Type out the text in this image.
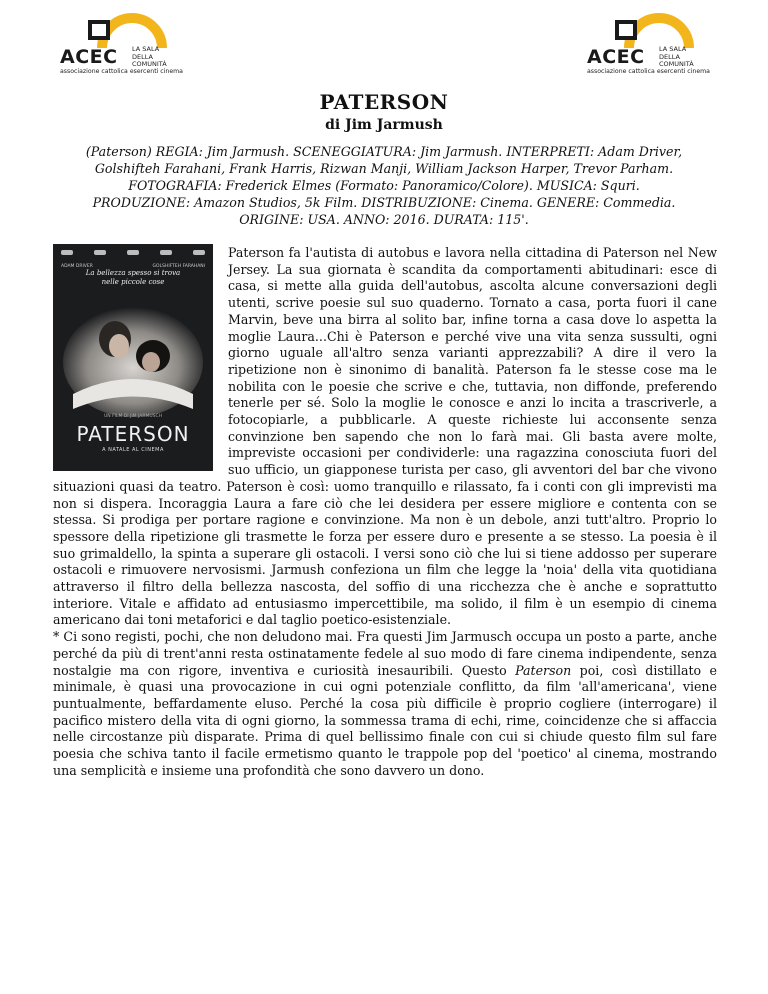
ACEC LA SALA
DELLA
COMUNITÀ
associazione cattolica esercenti cinema
ACEC LA SALA
DELLA
COMUNITÀ
associazione cattolica esercenti cinema
PATERSON
di Jim Jarmush
(Paterson) REGIA: Jim Jarmush. SCENEGGIATURA: Jim Jarmush. INTERPRETI: Adam Driver,
Golshifteh Farahani, Frank Harris, Rizwan Manji, William Jackson Harper, Trevor Parham.
FOTOGRAFIA: Frederick Elmes (Formato: Panoramico/Colore). MUSICA: Squri.
PRODUZIONE: Amazon Studios, 5k Film. DISTRIBUZIONE: Cinema. GENERE: Commedia.
ORIGINE: USA. ANNO: 2016. DURATA: 115'.
ADAM DRIVER	GOLSHIFTEH FARAHANI
La bellezza spesso si trova
nelle piccole cose
UN FILM DI JIM JARMUSCH
PATERSON
A NATALE AL CINEMA

Paterson fa l'autista di autobus e lavora nella cittadina di Paterson nel New Jersey. La sua giornata è scandita da comportamenti abitudinari: esce di casa, si mette alla guida dell'autobus, ascolta alcune conversazioni degli utenti, scrive poesie sul suo quaderno. Tornato a casa, porta fuori il cane Marvin, beve una birra al solito bar, infine torna a casa dove lo aspetta la moglie Laura...Chi è Paterson e perché vive una vita senza sussulti, ogni giorno uguale all'altro senza varianti apprezzabili? A dire il vero la ripetizione non è sinonimo di banalità. Paterson fa le stesse cose ma le nobilita con le poesie che scrive e che, tuttavia, non diffonde, preferendo tenerle per sé. Solo la moglie le conosce e anzi lo incita a trascriverle, a fotocopiarle, a pubblicarle. A queste richieste lui acconsente senza convinzione ben sapendo che non lo farà mai. Gli basta avere molte, impreviste occasioni per condividerle: una ragazzina conosciuta fuori del suo ufficio, un giapponese turista per caso, gli avventori del bar che vivono situazioni quasi da teatro. Paterson è così: uomo tranquillo e rilassato, fa i conti con gli imprevisti ma non si dispera. Incoraggia Laura a fare ciò che lei desidera per essere migliore e contenta con se stessa. Si prodiga per portare ragione e convinzione. Ma non è un debole, anzi tutt'altro. Proprio lo spessore della ripetizione gli trasmette le forza per essere duro e presente a se stesso. La poesia è il suo grimaldello, la spinta a superare gli ostacoli. I versi sono ciò che lui si tiene addosso per superare ostacoli e rimuovere nervosismi. Jarmush confeziona un film che legge la 'noia' della vita quotidiana attraverso il filtro della bellezza nascosta, del soffio di una ricchezza che è anche e soprattutto interiore. Vitale e affidato ad entusiasmo impercettibile, ma solido, il film è un esempio di cinema americano dai toni metaforici e dal taglio poetico-esistenziale.

* Ci sono registi, pochi, che non deludono mai. Fra questi Jim Jarmusch occupa un posto a parte, anche perché da più di trent'anni resta ostinatamente fedele al suo modo di fare cinema indipendente, senza nostalgie ma con rigore, inventiva e curiosità inesauribili. Questo Paterson poi, così distillato e minimale, è quasi una provocazione in cui ogni potenziale conflitto, da film 'all'americana', viene puntualmente, beffardamente eluso. Perché la cosa più difficile è proprio cogliere (interrogare) il pacifico mistero della vita di ogni giorno, la sommessa trama di echi, rime, coincidenze che si affaccia nelle circostanze più disparate. Prima di quel bellissimo finale con cui si chiude questo film sul fare poesia che schiva tanto il facile ermetismo quanto le trappole pop del 'poetico' al cinema, mostrando una semplicità e insieme una profondità che sono davvero un dono.
